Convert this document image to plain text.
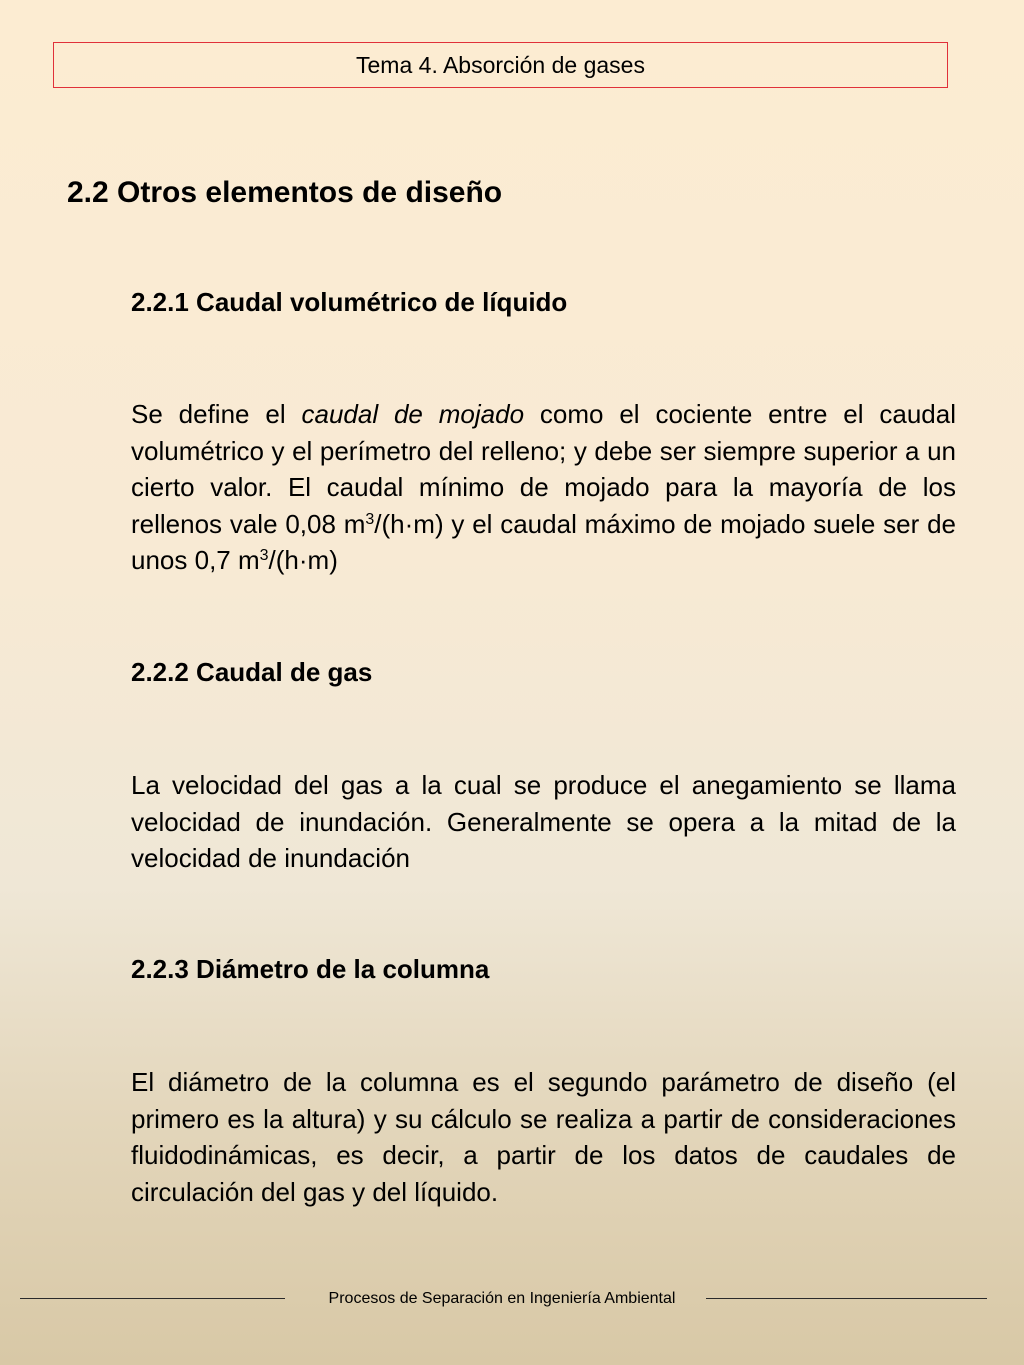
Tema 4. Absorción de gases
2.2 Otros elementos de diseño
2.2.1 Caudal volumétrico de líquido

Se define el caudal de mojado como el cociente entre el caudal volumétrico y el perímetro del relleno; y debe ser siempre superior a un cierto valor. El caudal mínimo de mojado para la mayoría de los rellenos vale 0,08 $m^3/(h\cdot m)$ y el caudal máximo de mojado suele ser de unos 0,7 $m^3/(h\cdot m)$

2.2.2 Caudal de gas

La velocidad del gas a la cual se produce el anegamiento se llama velocidad de inundación. Generalmente se opera a la mitad de la velocidad de inundación

2.2.3 Diámetro de la columna

El diámetro de la columna es el segundo parámetro de diseño (el primero es la altura) y su cálculo se realiza a partir de consideraciones fluidodinámicas, es decir, a partir de los datos de caudales de circulación del gas y del líquido.

Procesos de Separación en Ingeniería Ambiental
